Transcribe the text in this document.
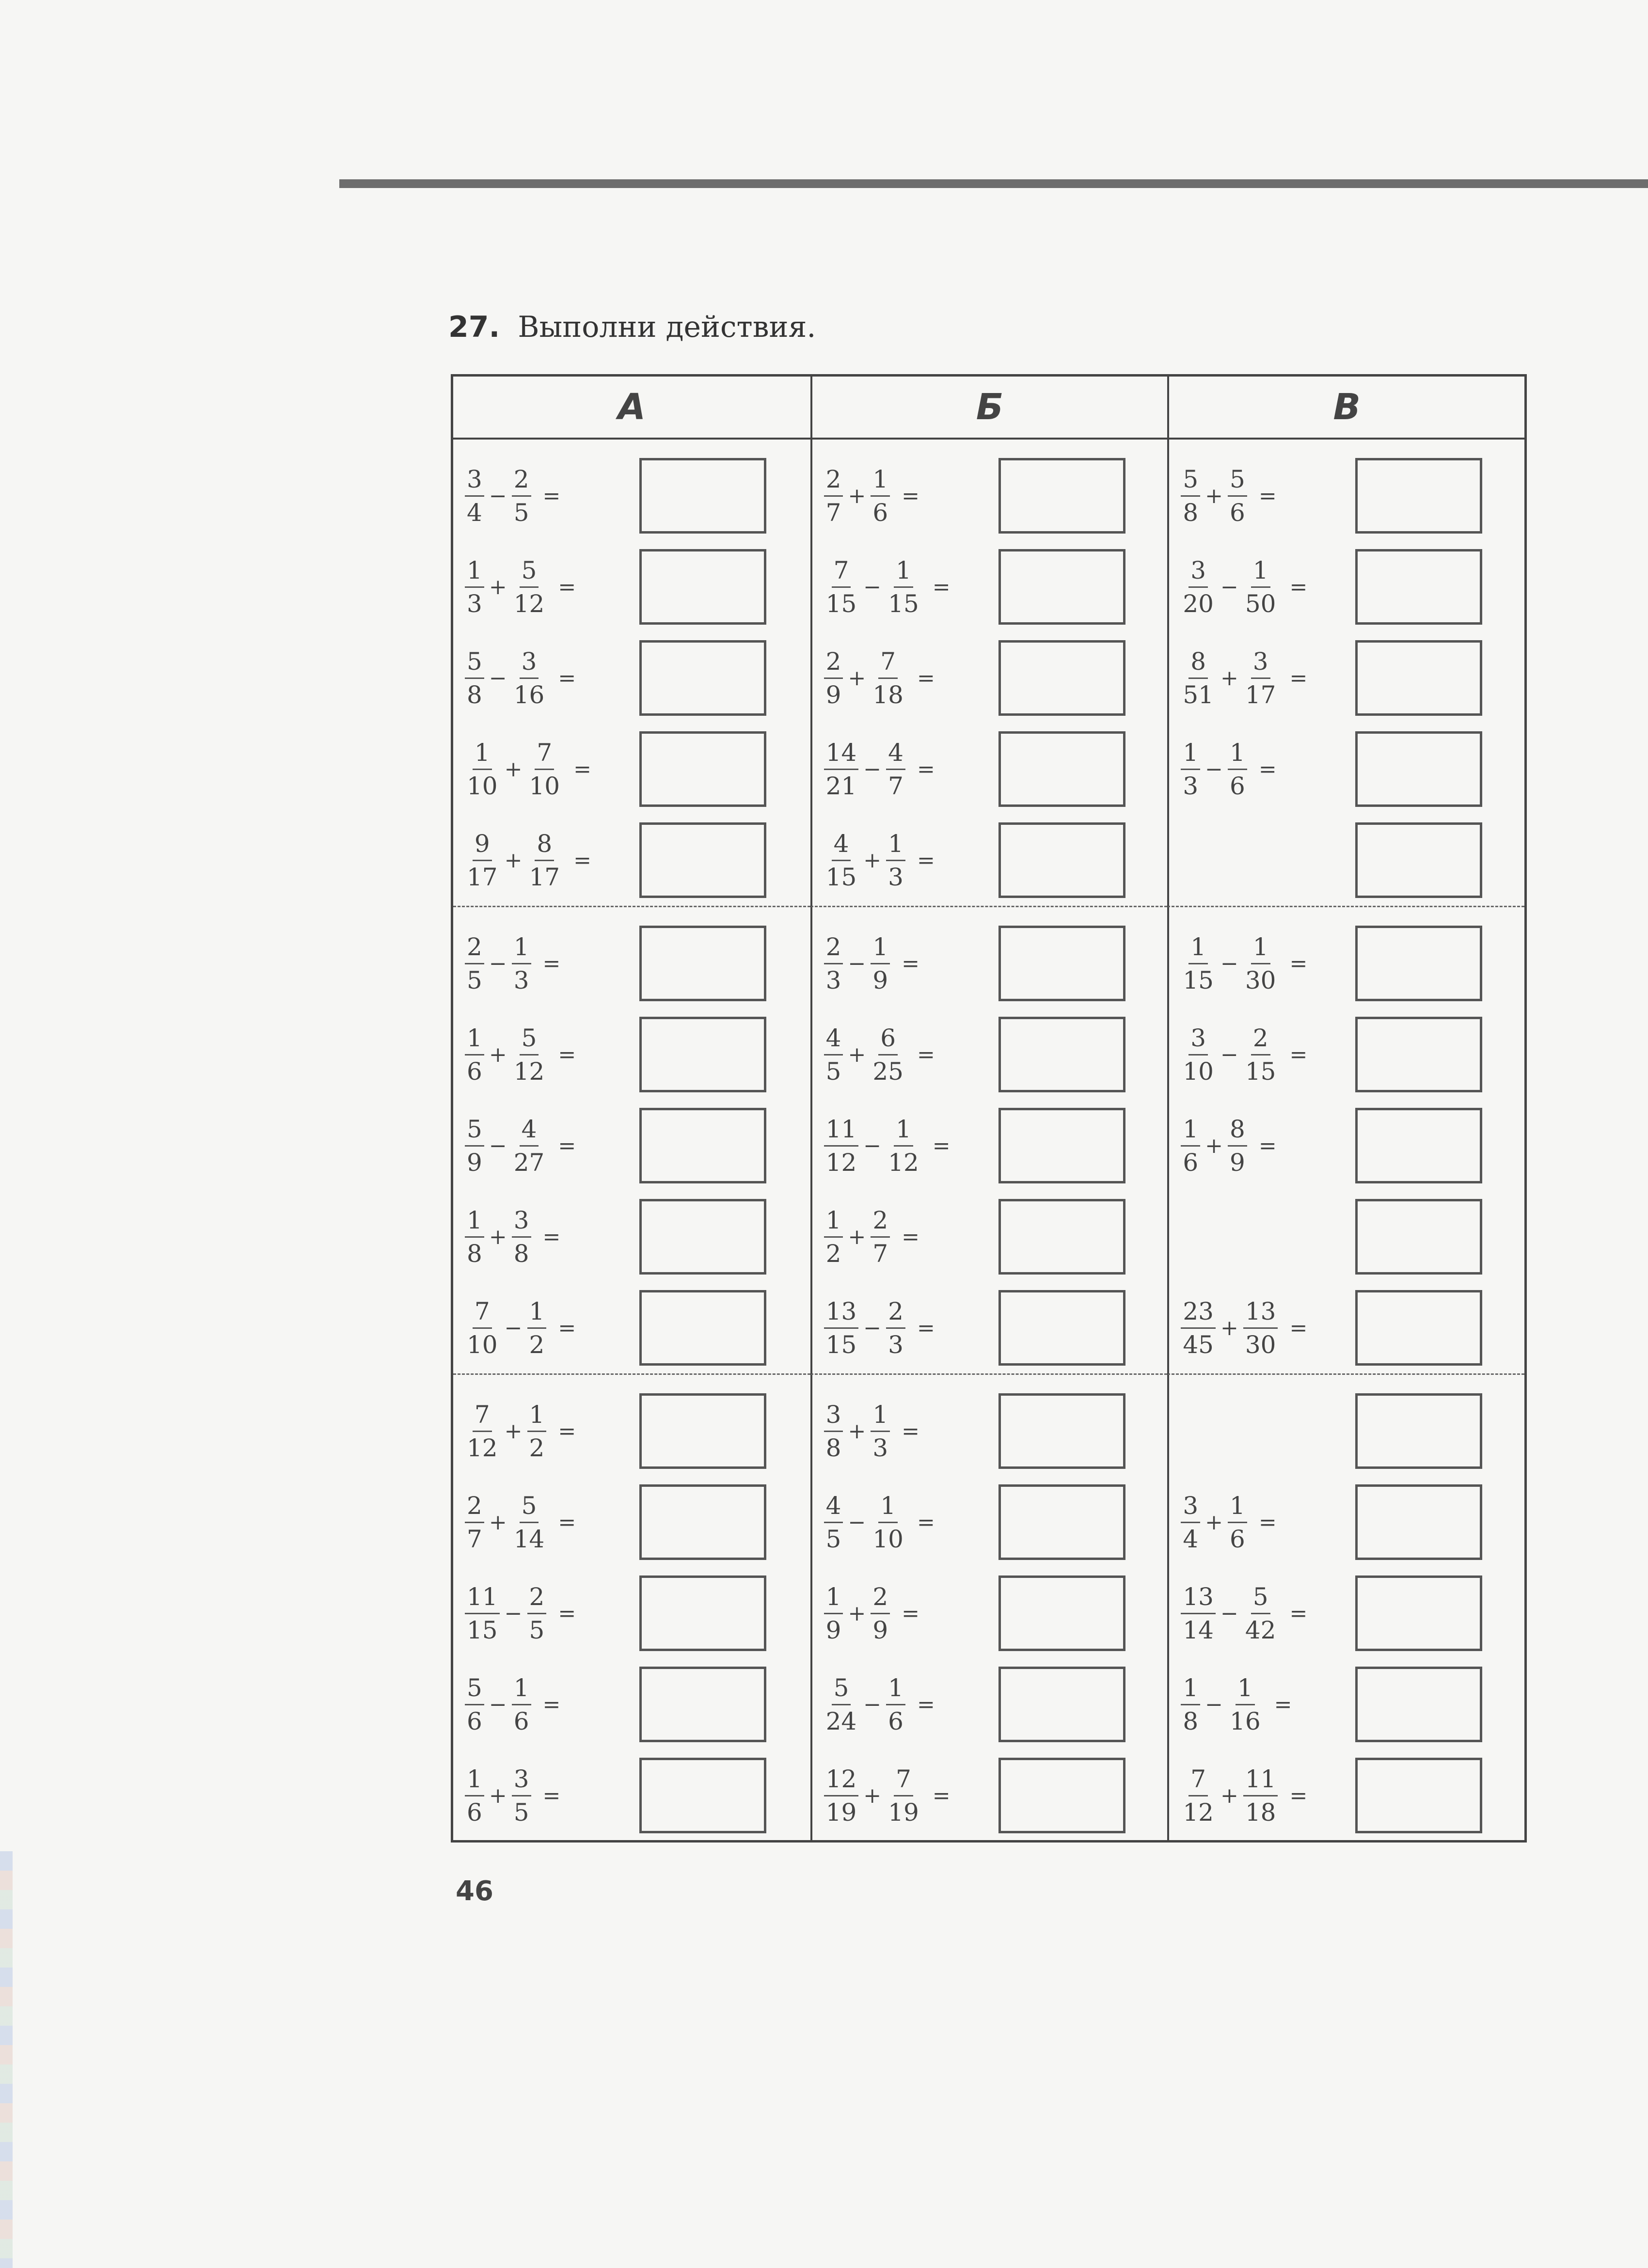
27. Выполни действия.
А	Б	В
$\frac{3}{4} - \frac{2}{5}$ =
$\frac{1}{3} + \frac{5}{12}$ =
$\frac{5}{8} - \frac{3}{16}$ =
$\frac{1}{10} + \frac{7}{10}$ =
$\frac{9}{17} + \frac{8}{17}$ =
$\frac{2}{7} + \frac{1}{6}$ =
$\frac{7}{15} - \frac{1}{15}$ =
$\frac{2}{9} + \frac{7}{18}$ =
$\frac{14}{21} - \frac{4}{7}$ =
$\frac{4}{15} + \frac{1}{3}$ =
$\frac{5}{8} + \frac{5}{6}$ =
$\frac{3}{20} - \frac{1}{50}$ =
$\frac{8}{51} + \frac{3}{17}$ =
$\frac{1}{3} - \frac{1}{6}$ =
$\frac{2}{5} - \frac{1}{3}$ =
$\frac{1}{6} + \frac{5}{12}$ =
$\frac{5}{9} - \frac{4}{27}$ =
$\frac{1}{8} + \frac{3}{8}$ =
$\frac{7}{10} - \frac{1}{2}$ =
$\frac{2}{3} - \frac{1}{9}$ =
$\frac{4}{5} + \frac{6}{25}$ =
$\frac{11}{12} - \frac{1}{12}$ =
$\frac{1}{2} + \frac{2}{7}$ =
$\frac{13}{15} - \frac{2}{3}$ =
$\frac{1}{15} - \frac{1}{30}$ =
$\frac{3}{10} - \frac{2}{15}$ =
$\frac{1}{6} + \frac{8}{9}$ =
$\frac{23}{45} + \frac{13}{30}$ =
$\frac{7}{12} + \frac{1}{2}$ =
$\frac{2}{7} + \frac{5}{14}$ =
$\frac{11}{15} - \frac{2}{5}$ =
$\frac{5}{6} - \frac{1}{6}$ =
$\frac{1}{6} + \frac{3}{5}$ =
$\frac{3}{8} + \frac{1}{3}$ =
$\frac{4}{5} - \frac{1}{10}$ =
$\frac{1}{9} + \frac{2}{9}$ =
$\frac{5}{24} - \frac{1}{6}$ =
$\frac{12}{19} + \frac{7}{19}$ =
$\frac{3}{4} + \frac{1}{6}$ =
$\frac{13}{14} - \frac{5}{42}$ =
$\frac{1}{8} - \frac{1}{16}$ =
$\frac{7}{12} + \frac{11}{18}$ =
46
